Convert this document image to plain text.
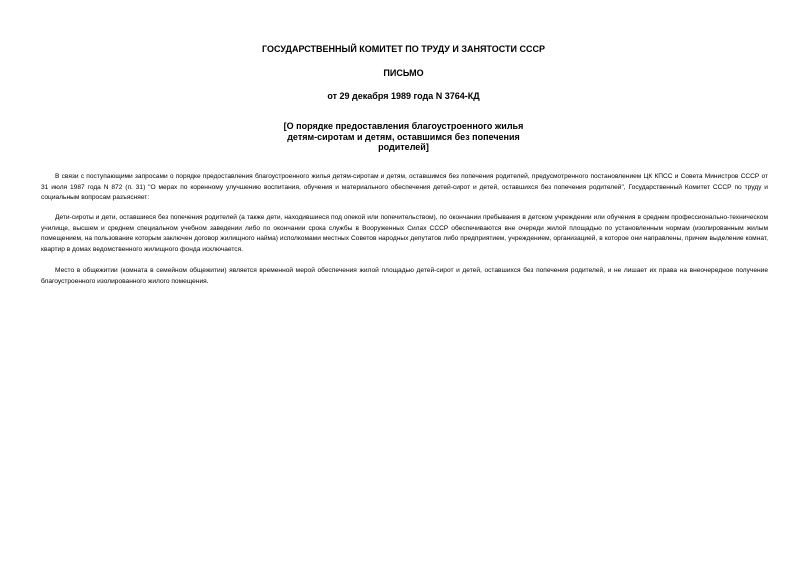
ГОСУДАРСТВЕННЫЙ КОМИТЕТ ПО ТРУДУ И ЗАНЯТОСТИ СССР
ПИСЬМО
от 29 декабря 1989 года N 3764-КД
[О порядке предоставления благоустроенного жилья
детям-сиротам и детям, оставшимся без попечения
родителей]

В связи с поступающими запросами о порядке предоставления благоустроенного жилья детям-сиротам и детям, оставшимся без попечения родителей, предусмотренного постановлением ЦК КПСС и Совета Министров СССР от 31 июля 1987 года N 872 (п. 31) "О мерах по коренному улучшению воспитания, обучения и материального обеспечения детей-сирот и детей, оставшихся без попечения родителей", Государственный Комитет СССР по труду и социальным вопросам разъясняет:

Дети-сироты и дети, оставшиеся без попечения родителей (а также дети, находившиеся под опекой или попечительством), по окончании пребывания в детском учреждении или обучения в среднем профессионально-техническом училище, высшем и среднем специальном учебном заведении либо по окончании срока службы в Вооруженных Силах СССР обеспечиваются вне очереди жилой площадью по установленным нормам (изолированным жилым помещением, на пользование которым заключен договор жилищного найма) исполкомами местных Советов народных депутатов либо предприятием, учреждением, организацией, в которое они направлены, причем выделение комнат, квартир в домах ведомственного жилищного фонда исключается.

Место в общежитии (комната в семейном общежитии) является временной мерой обеспечения жилой площадью детей-сирот и детей, оставшихся без попечения родителей, и не лишает их права на внеочередное получение благоустроенного изолированного жилого помещения.
